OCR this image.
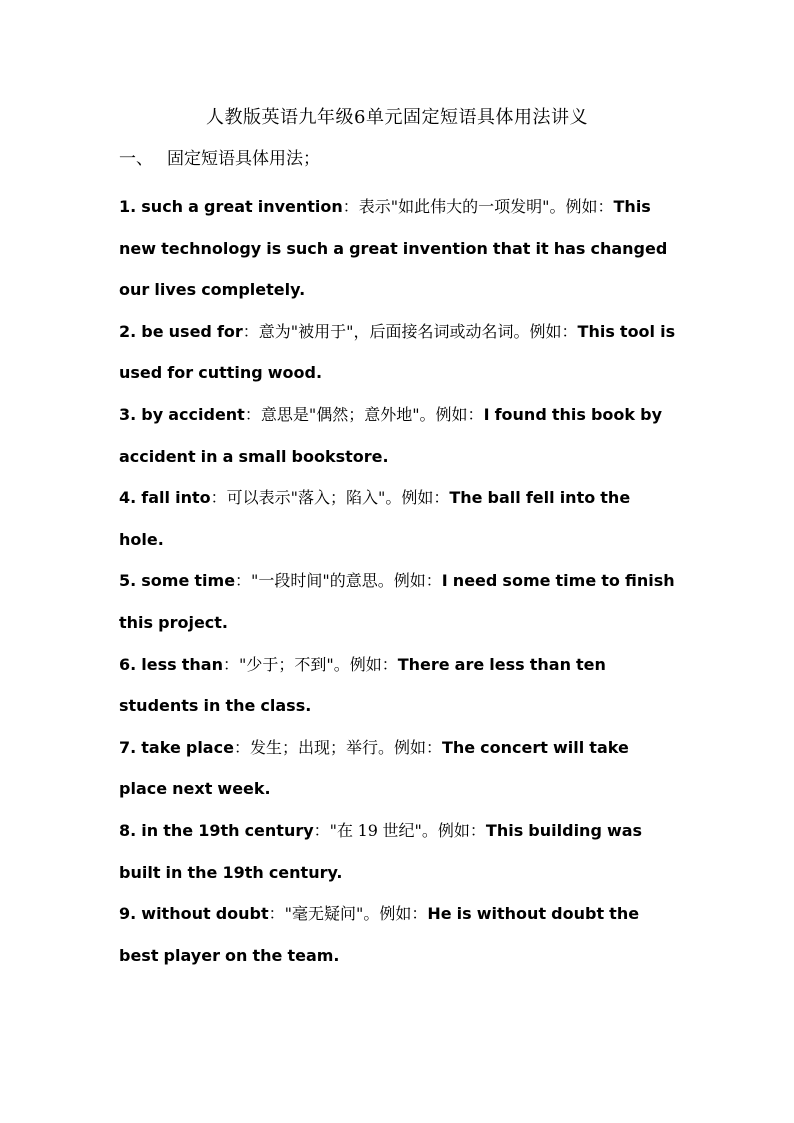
人教版英语九年级6单元固定短语具体用法讲义
一、 固定短语具体用法；
1. such a great invention：表示"如此伟大的一项发明"。例如：This new technology is such a great invention that it has changed our lives completely.
2. be used for：意为"被用于"，后面接名词或动名词。例如：This tool is used for cutting wood.
3. by accident：意思是"偶然；意外地"。例如：I found this book by accident in a small bookstore.
4. fall into：可以表示"落入；陷入"。例如：The ball fell into the hole.
5. some time："一段时间"的意思。例如：I need some time to finish this project.
6. less than："少于；不到"。例如：There are less than ten students in the class.
7. take place：发生；出现；举行。例如：The concert will take place next week.
8. in the 19th century："在 19 世纪"。例如：This building was built in the 19th century.
9. without doubt："毫无疑问"。例如：He is without doubt the best player on the team.
